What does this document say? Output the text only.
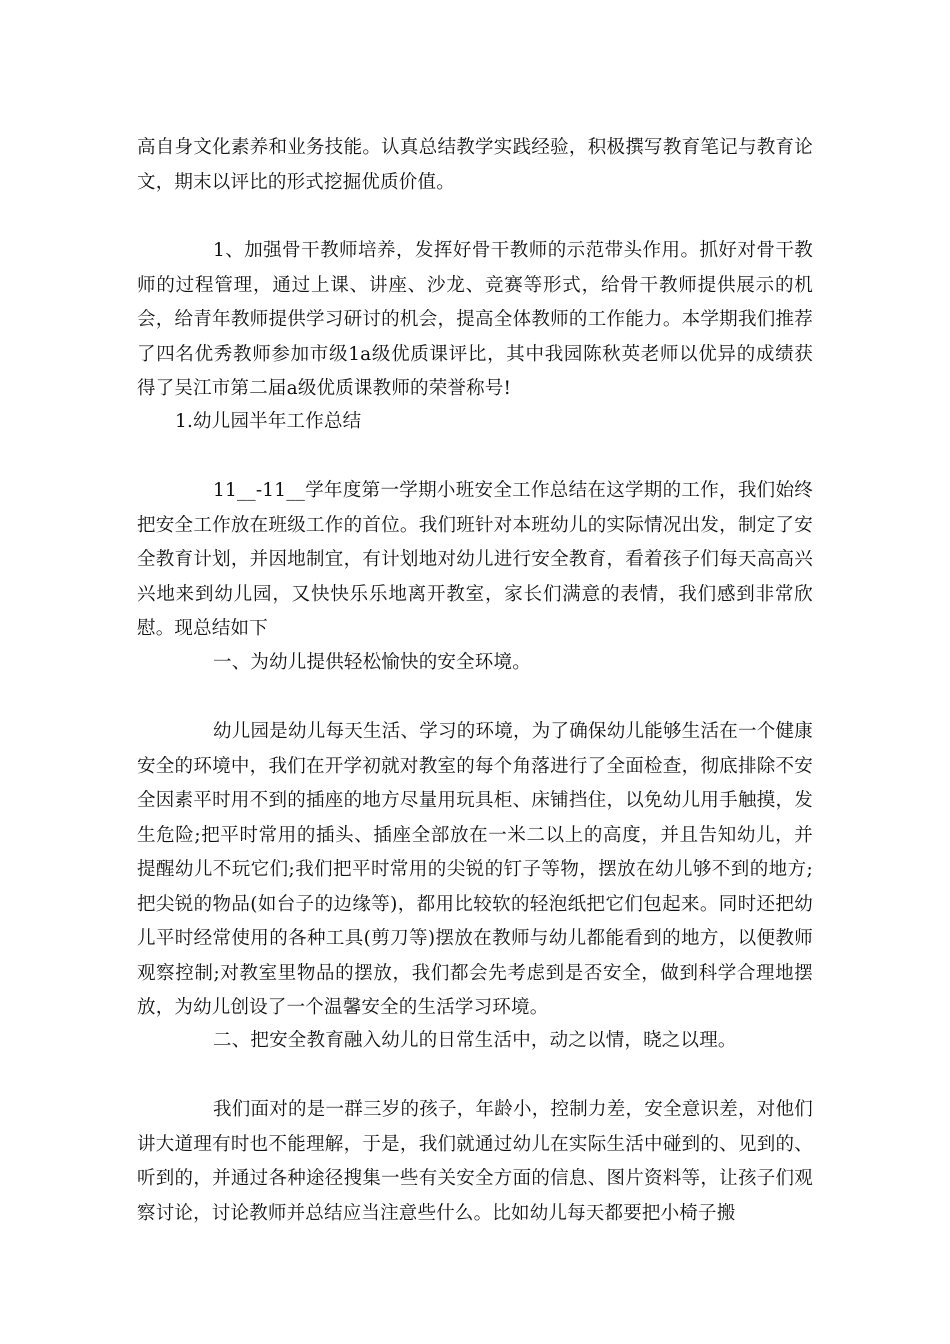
高自身文化素养和业务技能。认真总结教学实践经验，积极撰写教育笔记与教育论文，期末以评比的形式挖掘优质价值。

1、加强骨干教师培养，发挥好骨干教师的示范带头作用。抓好对骨干教师的过程管理，通过上课、讲座、沙龙、竞赛等形式，给骨干教师提供展示的机会，给青年教师提供学习研讨的机会，提高全体教师的工作能力。本学期我们推荐了四名优秀教师参加市级1a级优质课评比，其中我园陈秋英老师以优异的成绩获得了吴江市第二届a级优质课教师的荣誉称号!

1.幼儿园半年工作总结

11__-11__学年度第一学期小班安全工作总结在这学期的工作，我们始终把安全工作放在班级工作的首位。我们班针对本班幼儿的实际情况出发，制定了安全教育计划，并因地制宜，有计划地对幼儿进行安全教育，看着孩子们每天高高兴兴地来到幼儿园，又快快乐乐地离开教室，家长们满意的表情，我们感到非常欣慰。现总结如下

一、为幼儿提供轻松愉快的安全环境。

幼儿园是幼儿每天生活、学习的环境，为了确保幼儿能够生活在一个健康安全的环境中，我们在开学初就对教室的每个角落进行了全面检查，彻底排除不安全因素平时用不到的插座的地方尽量用玩具柜、床铺挡住，以免幼儿用手触摸，发生危险;把平时常用的插头、插座全部放在一米二以上的高度，并且告知幼儿，并提醒幼儿不玩它们;我们把平时常用的尖锐的钉子等物，摆放在幼儿够不到的地方;把尖锐的物品(如台子的边缘等)，都用比较软的轻泡纸把它们包起来。同时还把幼儿平时经常使用的各种工具(剪刀等)摆放在教师与幼儿都能看到的地方，以便教师观察控制;对教室里物品的摆放，我们都会先考虑到是否安全，做到科学合理地摆放，为幼儿创设了一个温馨安全的生活学习环境。

二、把安全教育融入幼儿的日常生活中，动之以情，晓之以理。

我们面对的是一群三岁的孩子，年龄小，控制力差，安全意识差，对他们讲大道理有时也不能理解，于是，我们就通过幼儿在实际生活中碰到的、见到的、听到的，并通过各种途径搜集一些有关安全方面的信息、图片资料等，让孩子们观察讨论，讨论教师并总结应当注意些什么。比如幼儿每天都要把小椅子搬
